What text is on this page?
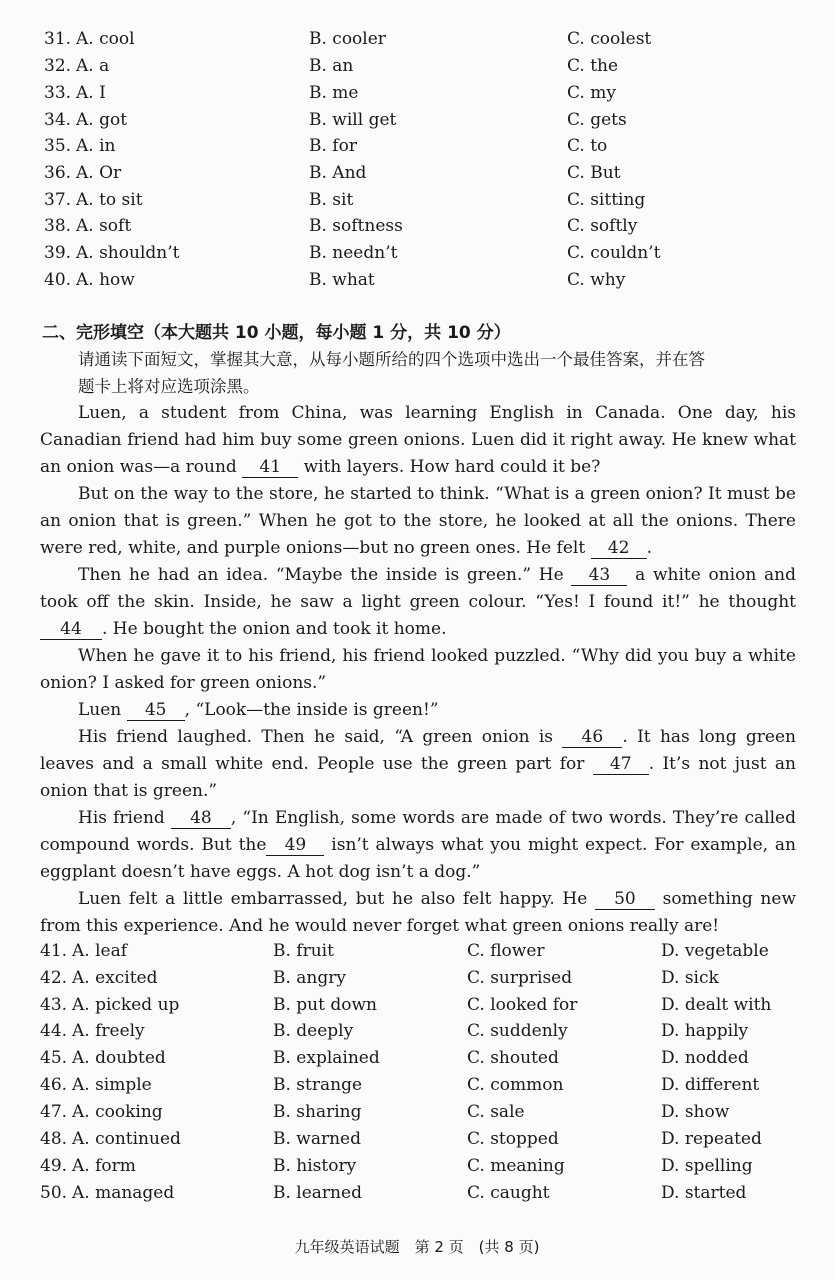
31. A. cool	B. cooler	C. coolest
32. A. a	B. an	C. the
33. A. I	B. me	C. my
34. A. got	B. will get	C. gets
35. A. in	B. for	C. to
36. A. Or	B. And	C. But
37. A. to sit	B. sit	C. sitting
38. A. soft	B. softness	C. softly
39. A. shouldn’t	B. needn’t	C. couldn’t
40. A. how	B. what	C. why
二、完形填空（本大题共 10 小题，每小题 1 分，共 10 分）
请通读下面短文，掌握其大意，从每小题所给的四个选项中选出一个最佳答案，并在答
题卡上将对应选项涂黑。

Luen, a student from China, was learning English in Canada. One day, his Canadian friend had him buy some green onions. Luen did it right away. He knew what an onion was—a round 41 with layers. How hard could it be?

But on the way to the store, he started to think. “What is a green onion? It must be an onion that is green.” When he got to the store, he looked at all the onions. There were red, white, and purple onions—but no green ones. He felt 42 .

Then he had an idea. “Maybe the inside is green.” He 43 a white onion and took off the skin. Inside, he saw a light green colour. “Yes! I found it!” he thought 44 . He bought the onion and took it home.

When he gave it to his friend, his friend looked puzzled. “Why did you buy a white onion? I asked for green onions.”

Luen 45 , “Look—the inside is green!”

His friend laughed. Then he said, “A green onion is 46 . It has long green leaves and a small white end. People use the green part for 47 . It’s not just an onion that is green.”

His friend 48 , “In English, some words are made of two words. They’re called compound words. But the 49 isn’t always what you might expect. For example, an eggplant doesn’t have eggs. A hot dog isn’t a dog.”

Luen felt a little embarrassed, but he also felt happy. He 50 something new from this experience. And he would never forget what green onions really are!

41. A. leaf	B. fruit	C. flower	D. vegetable
42. A. excited	B. angry	C. surprised	D. sick
43. A. picked up	B. put down	C. looked for	D. dealt with
44. A. freely	B. deeply	C. suddenly	D. happily
45. A. doubted	B. explained	C. shouted	D. nodded
46. A. simple	B. strange	C. common	D. different
47. A. cooking	B. sharing	C. sale	D. show
48. A. continued	B. warned	C. stopped	D. repeated
49. A. form	B. history	C. meaning	D. spelling
50. A. managed	B. learned	C. caught	D. started
九年级英语试题　第 2 页　(共 8 页)
